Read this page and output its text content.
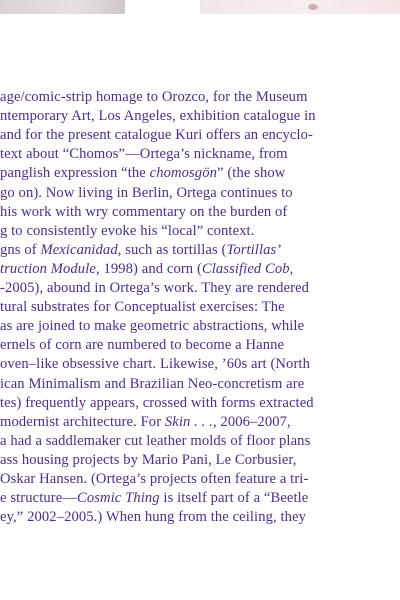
age/comic-strip homage to Orozco, for the Museum
ntemporary Art, Los Angeles, exhibition catalogue in
and for the present catalogue Kuri offers an encyclo-
text about “Chomos”—Ortega’s nickname, from
panglish expression “the chomosgön” (the show
go on). Now living in Berlin, Ortega continues to
his work with wry commentary on the burden of
g to consistently evoke his “local” context.
gns of Mexicanidad, such as tortillas (Tortillas’
truction Module, 1998) and corn (Classified Cob,
-2005), abound in Ortega’s work. They are rendered
tural substrates for Conceptualist exercises: The
as are joined to make geometric abstractions, while
ernels of corn are numbered to become a Hanne
oven–like obsessive chart. Likewise, ’60s art (North
ican Minimalism and Brazilian Neo-concretism are
tes) frequently appears, crossed with forms extracted
modernist architecture. For Skin . . ., 2006–2007,
a had a saddlemaker cut leather molds of floor plans
ass housing projects by Mario Pani, Le Corbusier,
Oskar Hansen. (Ortega’s projects often feature a tri-
e structure—Cosmic Thing is itself part of a “Beetle
ey,” 2002–2005.) When hung from the ceiling, they
